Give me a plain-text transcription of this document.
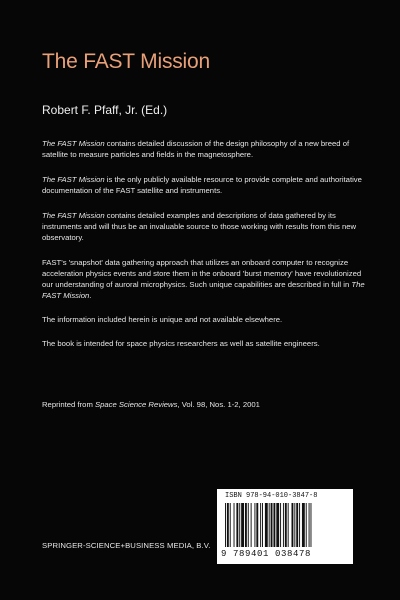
The FAST Mission
Robert F. Pfaff, Jr. (Ed.)
The FAST Mission contains detailed discussion of the design philosophy of a new breed of satellite to measure particles and fields in the magnetosphere.
The FAST Mission is the only publicly available resource to provide complete and authoritative documentation of the FAST satellite and instruments.
The FAST Mission contains detailed examples and descriptions of data gathered by its instruments and will thus be an invaluable source to those working with results from this new observatory.
FAST's 'snapshot' data gathering approach that utilizes an onboard computer to recognize acceleration physics events and store them in the onboard 'burst memory' have revolutionized our understanding of auroral microphysics. Such unique capabilities are described in full in The FAST Mission.
The information included herein is unique and not available elsewhere.
The book is intended for space physics researchers as well as satellite engineers.
Reprinted from Space Science Reviews, Vol. 98, Nos. 1-2, 2001
SPRINGER-SCIENCE+BUSINESS MEDIA, B.V.
ISBN 978-94-010-3847-8
9 789401 038478
